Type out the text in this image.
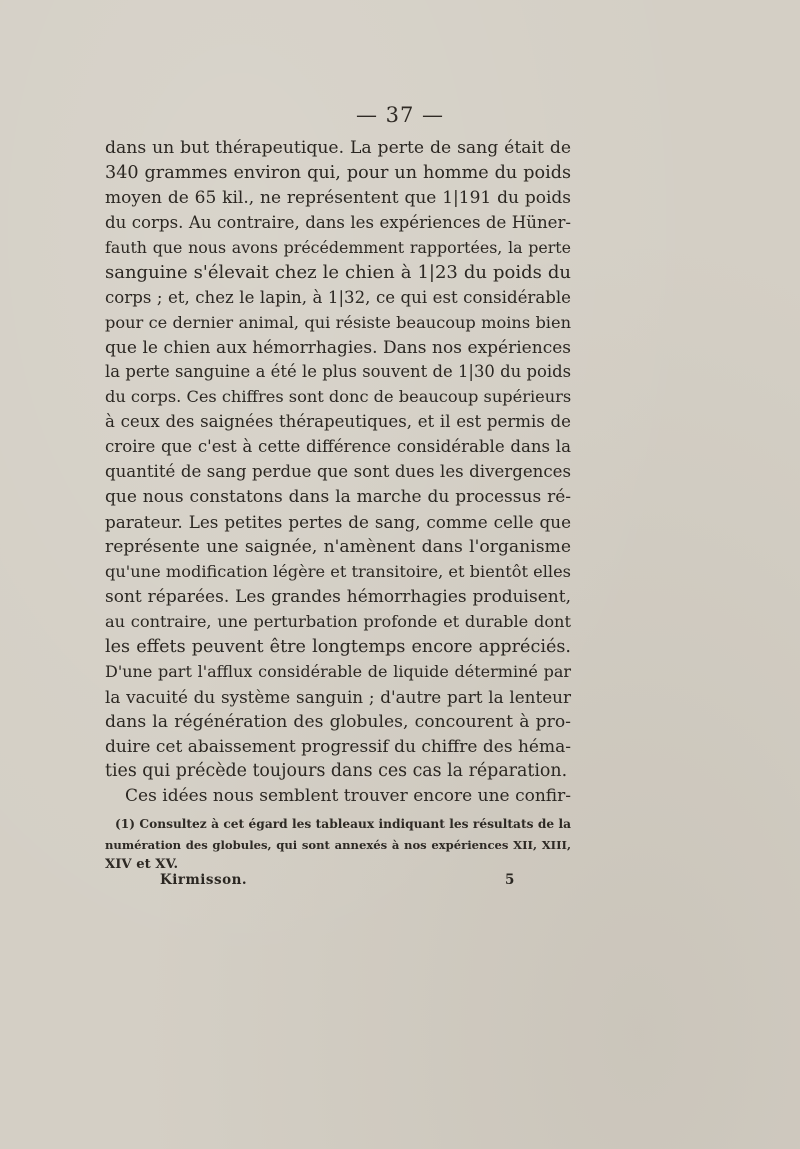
— 37 —
dans un but thérapeutique. La perte de sang était de
340 grammes environ qui, pour un homme du poids
moyen de 65 kil., ne représentent que 1|191 du poids
du corps. Au contraire, dans les expériences de Hüner-
fauth que nous avons précédemment rapportées, la perte
sanguine s'élevait chez le chien à 1|23 du poids du
corps ; et, chez le lapin, à 1|32, ce qui est considérable
pour ce dernier animal, qui résiste beaucoup moins bien
que le chien aux hémorrhagies. Dans nos expériences
la perte sanguine a été le plus souvent de 1|30 du poids
du corps. Ces chiffres sont donc de beaucoup supérieurs
à ceux des saignées thérapeutiques, et il est permis de
croire que c'est à cette différence considérable dans la
quantité de sang perdue que sont dues les divergences
que nous constatons dans la marche du processus ré-
parateur. Les petites pertes de sang, comme celle que
représente une saignée, n'amènent dans l'organisme
qu'une modification légère et transitoire, et bientôt elles
sont réparées. Les grandes hémorrhagies produisent,
au contraire, une perturbation profonde et durable dont
les effets peuvent être longtemps encore appréciés.
D'une part l'afflux considérable de liquide déterminé par
la vacuité du système sanguin ; d'autre part la lenteur
dans la régénération des globules, concourent à pro-
duire cet abaissement progressif du chiffre des héma-
ties qui précède toujours dans ces cas la réparation.
Ces idées nous semblent trouver encore une confir-
(1) Consultez à cet égard les tableaux indiquant les résultats de la
numération des globules, qui sont annexés à nos expériences XII, XIII,
XIV et XV.
Kirmisson.	5
